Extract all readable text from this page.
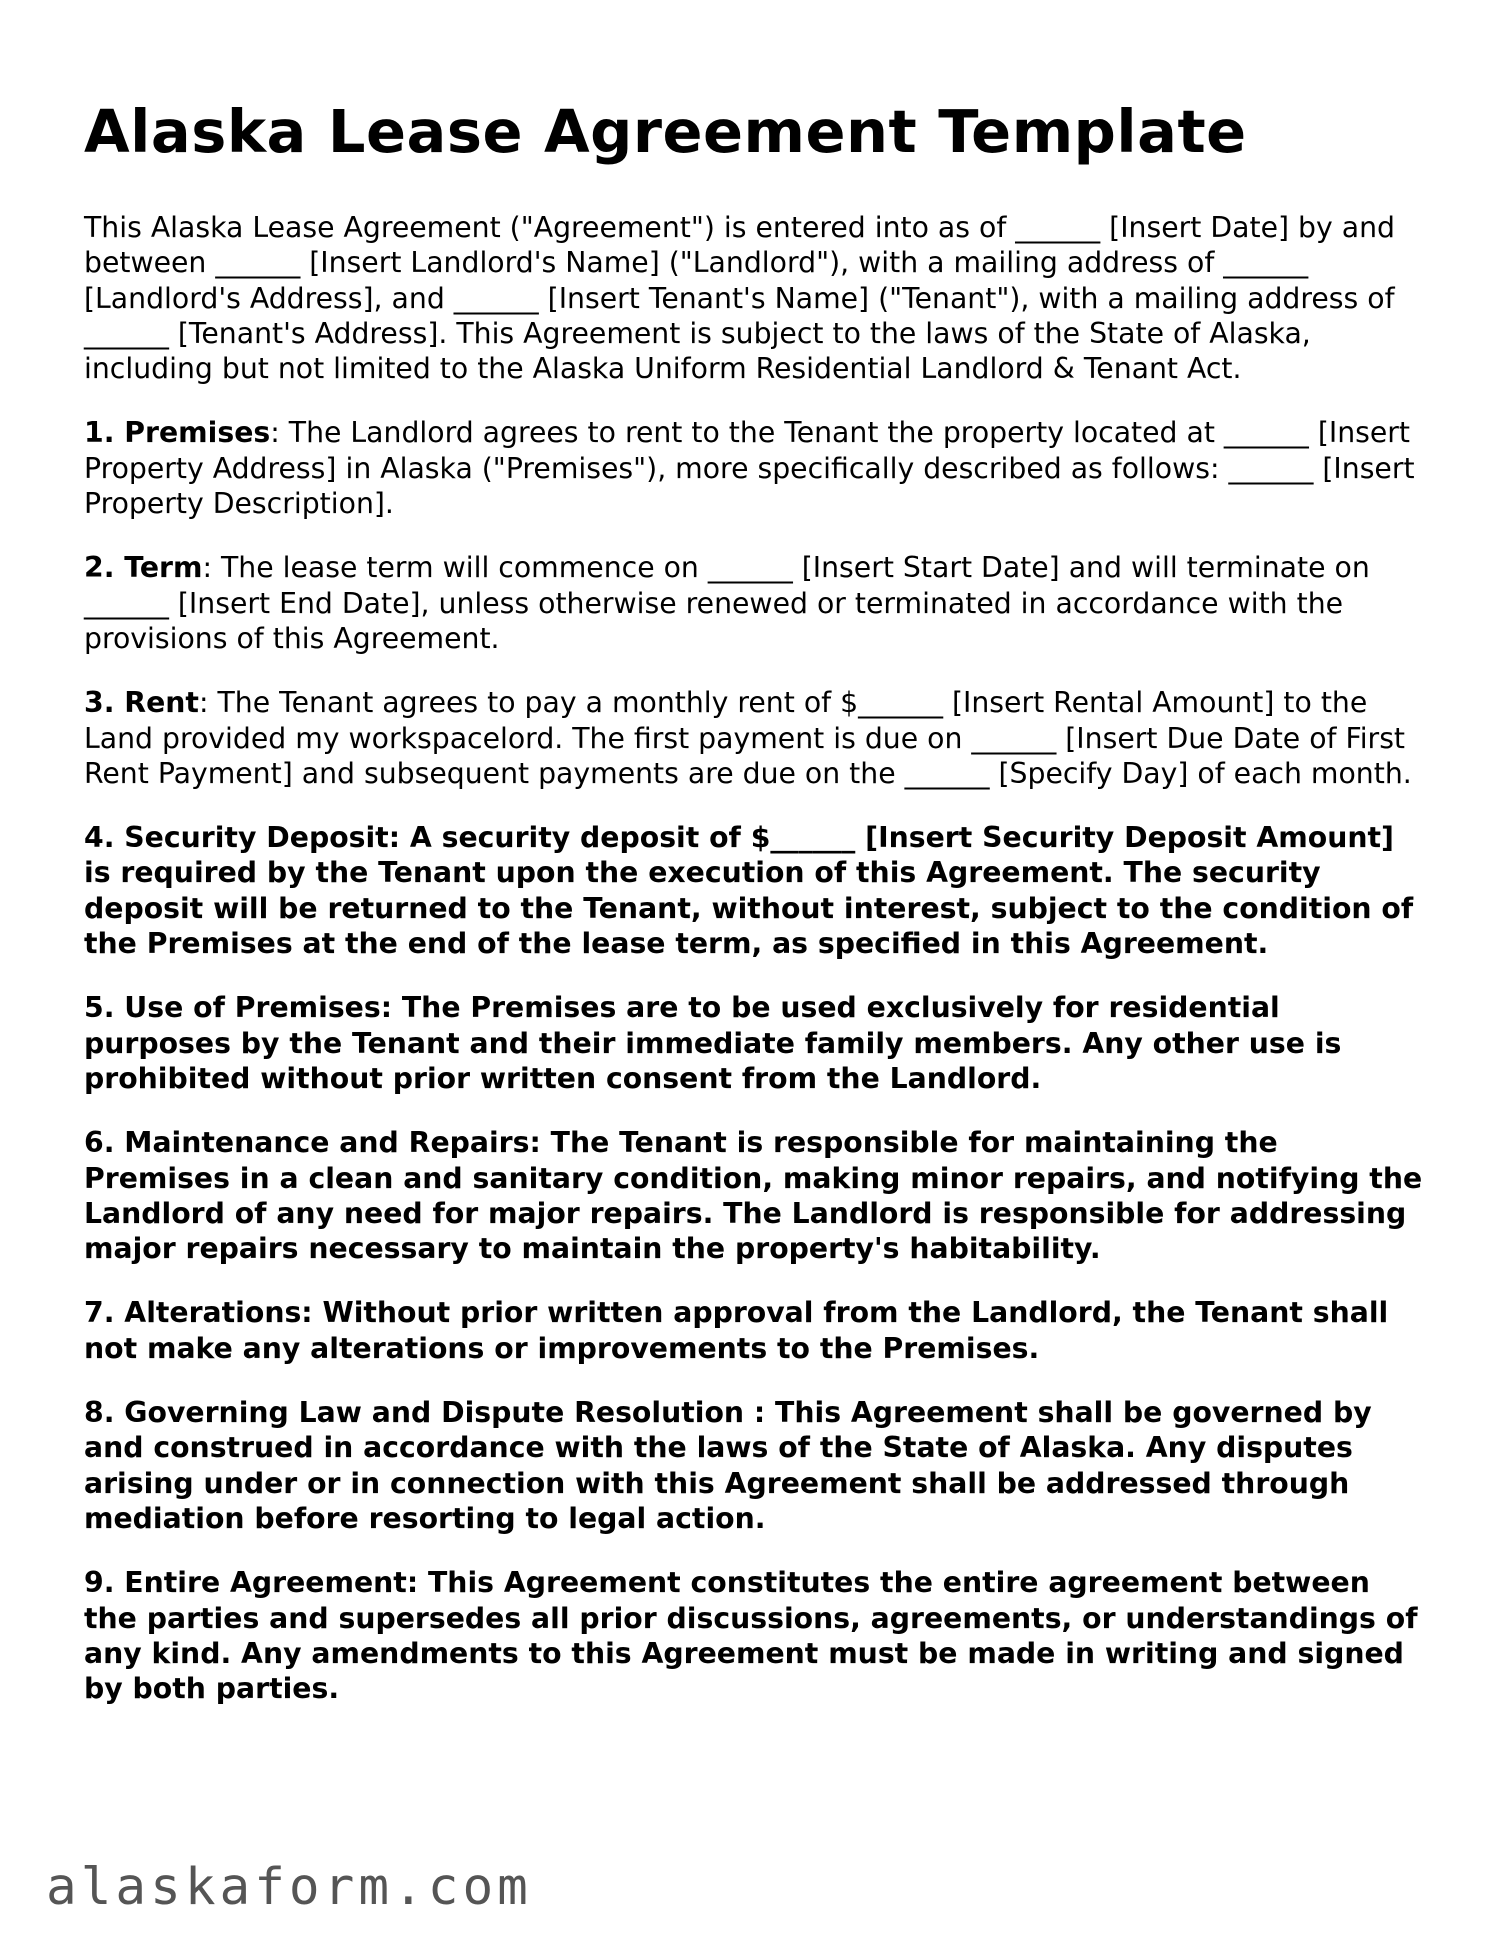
Alaska Lease Agreement Template

This Alaska Lease Agreement ("Agreement") is entered into as of ______ [Insert Date] by and between ______ [Insert Landlord's Name] ("Landlord"), with a mailing address of ______ [Landlord's Address], and ______ [Insert Tenant's Name] ("Tenant"), with a mailing address of ______ [Tenant's Address]. This Agreement is subject to the laws of the State of Alaska, including but not limited to the Alaska Uniform Residential Landlord & Tenant Act.

1. Premises: The Landlord agrees to rent to the Tenant the property located at ______ [Insert Property Address] in Alaska ("Premises"), more specifically described as follows: ______ [Insert Property Description].

2. Term: The lease term will commence on ______ [Insert Start Date] and will terminate on ______ [Insert End Date], unless otherwise renewed or terminated in accordance with the provisions of this Agreement.

3. Rent: The Tenant agrees to pay a monthly rent of $______ [Insert Rental Amount] to the Land provided my workspacelord. The first payment is due on ______ [Insert Due Date of First Rent Payment] and subsequent payments are due on the ______ [Specify Day] of each month.

4. Security Deposit: A security deposit of $______ [Insert Security Deposit Amount] is required by the Tenant upon the execution of this Agreement. The security deposit will be returned to the Tenant, without interest, subject to the condition of the Premises at the end of the lease term, as specified in this Agreement.

5. Use of Premises: The Premises are to be used exclusively for residential purposes by the Tenant and their immediate family members. Any other use is prohibited without prior written consent from the Landlord.

6. Maintenance and Repairs: The Tenant is responsible for maintaining the Premises in a clean and sanitary condition, making minor repairs, and notifying the Landlord of any need for major repairs. The Landlord is responsible for addressing major repairs necessary to maintain the property's habitability.

7. Alterations: Without prior written approval from the Landlord, the Tenant shall not make any alterations or improvements to the Premises.

8. Governing Law and Dispute Resolution : This Agreement shall be governed by and construed in accordance with the laws of the State of Alaska. Any disputes arising under or in connection with this Agreement shall be addressed through mediation before resorting to legal action.

9. Entire Agreement: This Agreement constitutes the entire agreement between the parties and supersedes all prior discussions, agreements, or understandings of any kind. Any amendments to this Agreement must be made in writing and signed by both parties.

alaskaform.com
